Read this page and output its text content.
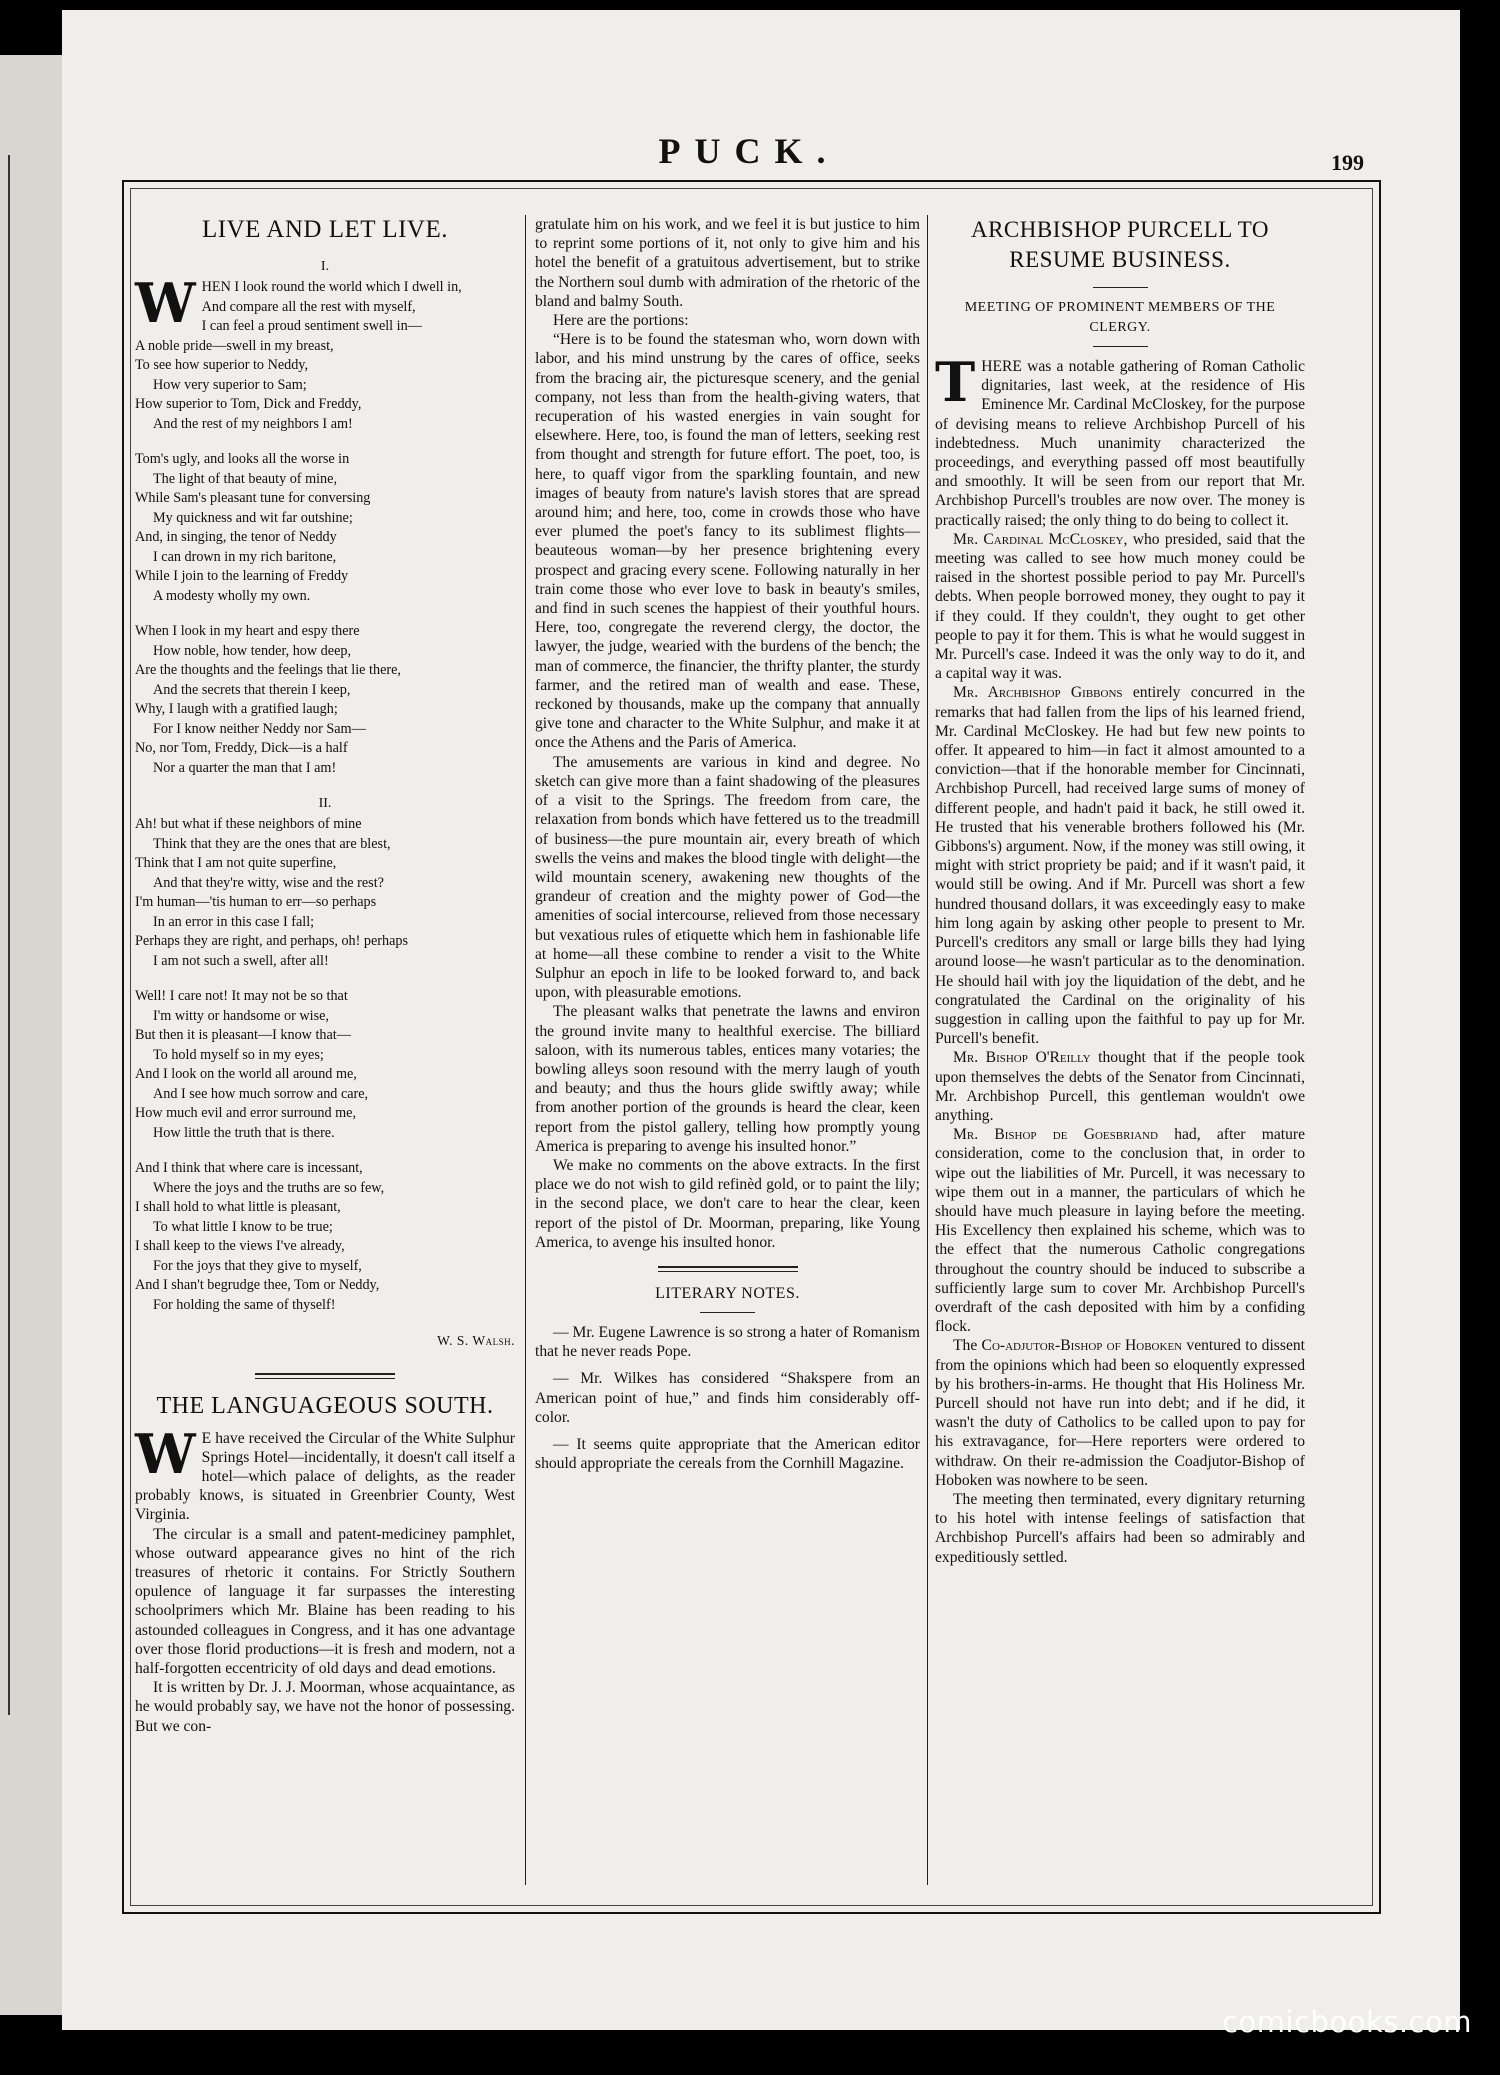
PUCK.	199
LIVE AND LET LIVE.
I.
W HEN I look round the world which I dwell in,

And compare all the rest with myself,

I can feel a proud sentiment swell in—

A noble pride—swell in my breast,

To see how superior to Neddy,

How very superior to Sam;

How superior to Tom, Dick and Freddy,

And the rest of my neighbors I am!

Tom's ugly, and looks all the worse in

The light of that beauty of mine,

While Sam's pleasant tune for conversing

My quickness and wit far outshine;

And, in singing, the tenor of Neddy

I can drown in my rich baritone,

While I join to the learning of Freddy

A modesty wholly my own.

When I look in my heart and espy there

How noble, how tender, how deep,

Are the thoughts and the feelings that lie there,

And the secrets that therein I keep,

Why, I laugh with a gratified laugh;

For I know neither Neddy nor Sam—

No, nor Tom, Freddy, Dick—is a half

Nor a quarter the man that I am!

II.

Ah! but what if these neighbors of mine

Think that they are the ones that are blest,

Think that I am not quite superfine,

And that they're witty, wise and the rest?

I'm human—'tis human to err—so perhaps

In an error in this case I fall;

Perhaps they are right, and perhaps, oh! perhaps

I am not such a swell, after all!

Well! I care not! It may not be so that

I'm witty or handsome or wise,

But then it is pleasant—I know that—

To hold myself so in my eyes;

And I look on the world all around me,

And I see how much sorrow and care,

How much evil and error surround me,

How little the truth that is there.

And I think that where care is incessant,

Where the joys and the truths are so few,

I shall hold to what little is pleasant,

To what little I know to be true;

I shall keep to the views I've already,

For the joys that they give to myself,

And I shan't begrudge thee, Tom or Neddy,

For holding the same of thyself!

W. S. Walsh.
THE LANGUAGEOUS SOUTH.

W E have received the Circular of the White Sulphur Springs Hotel—incidentally, it doesn't call itself a hotel—which palace of delights, as the reader probably knows, is situated in Greenbrier County, West Virginia.

The circular is a small and patent-mediciney pamphlet, whose outward appearance gives no hint of the rich treasures of rhetoric it contains. For Strictly Southern opulence of language it far surpasses the interesting schoolprimers which Mr. Blaine has been reading to his astounded colleagues in Congress, and it has one advantage over those florid productions—it is fresh and modern, not a half-forgotten eccentricity of old days and dead emotions.

It is written by Dr. J. J. Moorman, whose acquaintance, as he would probably say, we have not the honor of possessing. But we con-

gratulate him on his work, and we feel it is but justice to him to reprint some portions of it, not only to give him and his hotel the benefit of a gratuitous advertisement, but to strike the Northern soul dumb with admiration of the rhetoric of the bland and balmy South.

Here are the portions:

“Here is to be found the statesman who, worn down with labor, and his mind unstrung by the cares of office, seeks from the bracing air, the picturesque scenery, and the genial company, not less than from the health-giving waters, that recuperation of his wasted energies in vain sought for elsewhere. Here, too, is found the man of letters, seeking rest from thought and strength for future effort. The poet, too, is here, to quaff vigor from the sparkling fountain, and new images of beauty from nature's lavish stores that are spread around him; and here, too, come in crowds those who have ever plumed the poet's fancy to its sublimest flights—beauteous woman—by her presence brightening every prospect and gracing every scene. Following naturally in her train come those who ever love to bask in beauty's smiles, and find in such scenes the happiest of their youthful hours. Here, too, congregate the reverend clergy, the doctor, the lawyer, the judge, wearied with the burdens of the bench; the man of commerce, the financier, the thrifty planter, the sturdy farmer, and the retired man of wealth and ease. These, reckoned by thousands, make up the company that annually give tone and character to the White Sulphur, and make it at once the Athens and the Paris of America.

The amusements are various in kind and degree. No sketch can give more than a faint shadowing of the pleasures of a visit to the Springs. The freedom from care, the relaxation from bonds which have fettered us to the treadmill of business—the pure mountain air, every breath of which swells the veins and makes the blood tingle with delight—the wild mountain scenery, awakening new thoughts of the grandeur of creation and the mighty power of God—the amenities of social intercourse, relieved from those necessary but vexatious rules of etiquette which hem in fashionable life at home—all these combine to render a visit to the White Sulphur an epoch in life to be looked forward to, and back upon, with pleasurable emotions.

The pleasant walks that penetrate the lawns and environ the ground invite many to healthful exercise. The billiard saloon, with its numerous tables, entices many votaries; the bowling alleys soon resound with the merry laugh of youth and beauty; and thus the hours glide swiftly away; while from another portion of the grounds is heard the clear, keen report from the pistol gallery, telling how promptly young America is preparing to avenge his insulted honor.”

We make no comments on the above extracts. In the first place we do not wish to gild refinèd gold, or to paint the lily; in the second place, we don't care to hear the clear, keen report of the pistol of Dr. Moorman, preparing, like Young America, to avenge his insulted honor.

LITERARY NOTES.

— Mr. Eugene Lawrence is so strong a hater of Romanism that he never reads Pope.

— Mr. Wilkes has considered “Shakspere from an American point of hue,” and finds him considerably off-color.

— It seems quite appropriate that the American editor should appropriate the cereals from the Cornhill Magazine.

ARCHBISHOP PURCELL TO RESUME BUSINESS.
MEETING OF PROMINENT MEMBERS OF THE CLERGY.

THERE was a notable gathering of Roman Catholic dignitaries, last week, at the residence of His Eminence Mr. Cardinal McCloskey, for the purpose of devising means to relieve Archbishop Purcell of his indebtedness. Much unanimity characterized the proceedings, and everything passed off most beautifully and smoothly. It will be seen from our report that Mr. Archbishop Purcell's troubles are now over. The money is practically raised; the only thing to do being to collect it.

Mr. Cardinal McCloskey, who presided, said that the meeting was called to see how much money could be raised in the shortest possible period to pay Mr. Purcell's debts. When people borrowed money, they ought to pay it if they could. If they couldn't, they ought to get other people to pay it for them. This is what he would suggest in Mr. Purcell's case. Indeed it was the only way to do it, and a capital way it was.

Mr. Archbishop Gibbons entirely concurred in the remarks that had fallen from the lips of his learned friend, Mr. Cardinal McCloskey. He had but few new points to offer. It appeared to him—in fact it almost amounted to a conviction—that if the honorable member for Cincinnati, Archbishop Purcell, had received large sums of money of different people, and hadn't paid it back, he still owed it. He trusted that his venerable brothers followed his (Mr. Gibbons's) argument. Now, if the money was still owing, it might with strict propriety be paid; and if it wasn't paid, it would still be owing. And if Mr. Purcell was short a few hundred thousand dollars, it was exceedingly easy to make him long again by asking other people to present to Mr. Purcell's creditors any small or large bills they had lying around loose—he wasn't particular as to the denomination. He should hail with joy the liquidation of the debt, and he congratulated the Cardinal on the originality of his suggestion in calling upon the faithful to pay up for Mr. Purcell's benefit.

Mr. Bishop O'Reilly thought that if the people took upon themselves the debts of the Senator from Cincinnati, Mr. Archbishop Purcell, this gentleman wouldn't owe anything.

Mr. Bishop de Goesbriand had, after mature consideration, come to the conclusion that, in order to wipe out the liabilities of Mr. Purcell, it was necessary to wipe them out in a manner, the particulars of which he should have much pleasure in laying before the meeting. His Excellency then explained his scheme, which was to the effect that the numerous Catholic congregations throughout the country should be induced to subscribe a sufficiently large sum to cover Mr. Archbishop Purcell's overdraft of the cash deposited with him by a confiding flock.

The Co-adjutor-Bishop of Hoboken ventured to dissent from the opinions which had been so eloquently expressed by his brothers-in-arms. He thought that His Holiness Mr. Purcell should not have run into debt; and if he did, it wasn't the duty of Catholics to be called upon to pay for his extravagance, for—Here reporters were ordered to withdraw. On their re-admission the Coadjutor-Bishop of Hoboken was nowhere to be seen.

The meeting then terminated, every dignitary returning to his hotel with intense feelings of satisfaction that Archbishop Purcell's affairs had been so admirably and expeditiously settled.

comicbooks.com
